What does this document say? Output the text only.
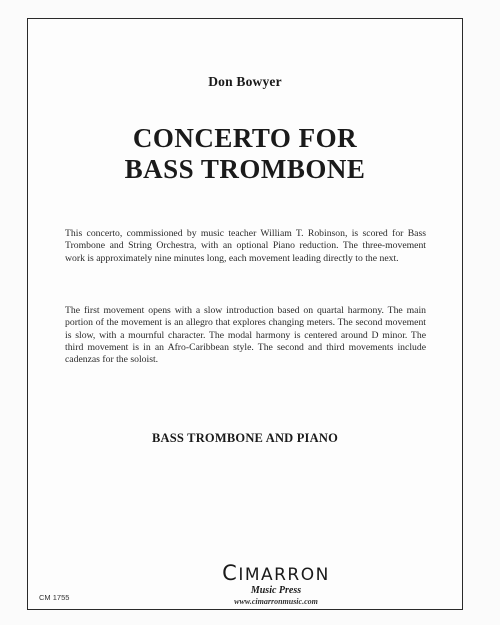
Don Bowyer
CONCERTO FOR
BASS TROMBONE

This concerto, commissioned by music teacher William T. Robinson, is scored for Bass Trombone and String Orchestra, with an optional Piano reduction. The three-movement work is approximately nine minutes long, each movement leading directly to the next.

The first movement opens with a slow introduction based on quartal harmony. The main portion of the movement is an allegro that explores changing meters. The second movement is slow, with a mournful character. The modal harmony is centered around D minor. The third movement is in an Afro-Caribbean style. The second and third movements include cadenzas for the soloist.

BASS TROMBONE AND PIANO
CIMARRON
Music Press
www.cimarronmusic.com
CM 1755
